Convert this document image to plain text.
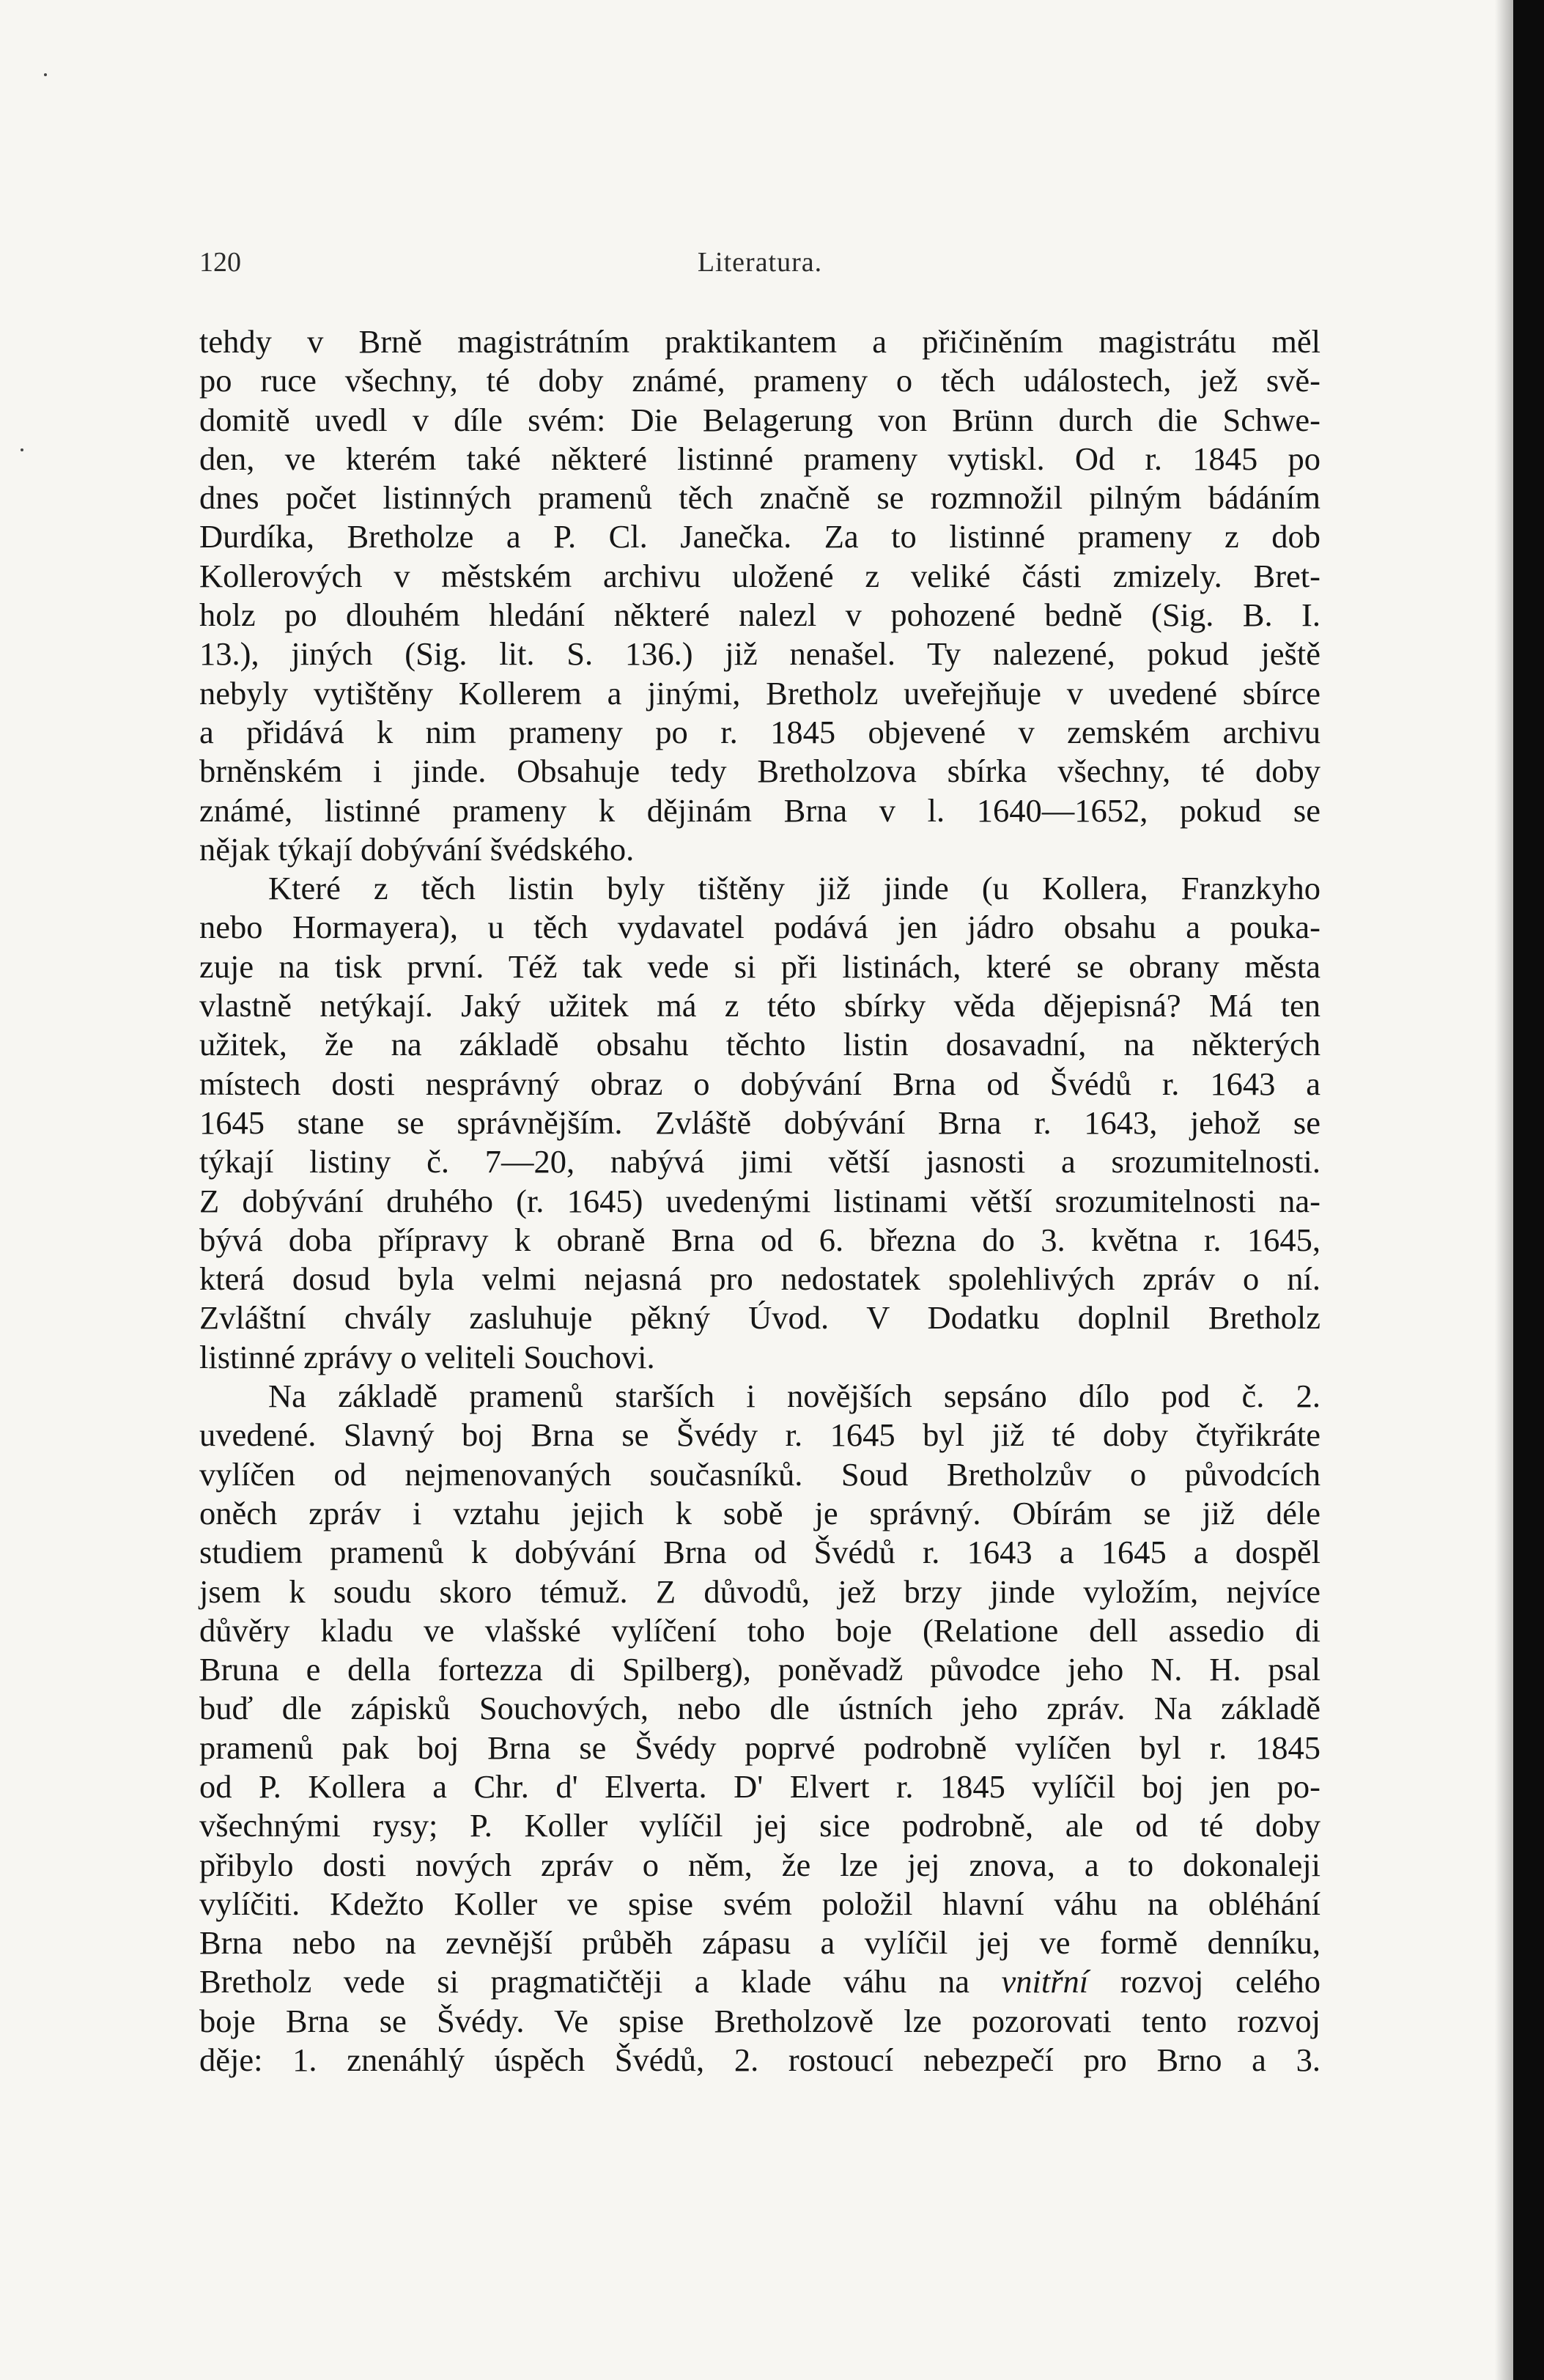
120	Literatura.
tehdy v Brně magistrátním praktikantem a přičiněním magistrátu měl
po ruce všechny, té doby známé, prameny o těch událostech, jež svě-
domitě uvedl v díle svém: Die Belagerung von Brünn durch die Schwe-
den, ve kterém také některé listinné prameny vytiskl. Od r. 1845 po
dnes počet listinných pramenů těch značně se rozmnožil pilným bádáním
Durdíka, Bretholze a P. Cl. Janečka. Za to listinné prameny z dob
Kollerových v městském archivu uložené z veliké části zmizely. Bret-
holz po dlouhém hledání některé nalezl v pohozené bedně (Sig. B. I.
13.), jiných (Sig. lit. S. 136.) již nenašel. Ty nalezené, pokud ještě
nebyly vytištěny Kollerem a jinými, Bretholz uveřejňuje v uvedené sbírce
a přidává k nim prameny po r. 1845 objevené v zemském archivu
brněnském i jinde. Obsahuje tedy Bretholzova sbírka všechny, té doby
známé, listinné prameny k dějinám Brna v l. 1640—1652, pokud se
nějak týkají dobývání švédského.
Které z těch listin byly tištěny již jinde (u Kollera, Franzkyho
nebo Hormayera), u těch vydavatel podává jen jádro obsahu a pouka-
zuje na tisk první. Též tak vede si při listinách, které se obrany města
vlastně netýkají. Jaký užitek má z této sbírky věda dějepisná? Má ten
užitek, že na základě obsahu těchto listin dosavadní, na některých
místech dosti nesprávný obraz o dobývání Brna od Švédů r. 1643 a
1645 stane se správnějším. Zvláště dobývání Brna r. 1643, jehož se
týkají listiny č. 7—20, nabývá jimi větší jasnosti a srozumitelnosti.
Z dobývání druhého (r. 1645) uvedenými listinami větší srozumitelnosti na-
bývá doba přípravy k obraně Brna od 6. března do 3. května r. 1645,
která dosud byla velmi nejasná pro nedostatek spolehlivých zpráv o ní.
Zvláštní chvály zasluhuje pěkný Úvod. V Dodatku doplnil Bretholz
listinné zprávy o veliteli Souchovi.
Na základě pramenů starších i novějších sepsáno dílo pod č. 2.
uvedené. Slavný boj Brna se Švédy r. 1645 byl již té doby čtyřikráte
vylíčen od nejmenovaných současníků. Soud Bretholzův o původcích
oněch zpráv i vztahu jejich k sobě je správný. Obírám se již déle
studiem pramenů k dobývání Brna od Švédů r. 1643 a 1645 a dospěl
jsem k soudu skoro témuž. Z důvodů, jež brzy jinde vyložím, nejvíce
důvěry kladu ve vlašské vylíčení toho boje (Relatione dell assedio di
Bruna e della fortezza di Spilberg), poněvadž původce jeho N. H. psal
buď dle zápisků Souchových, nebo dle ústních jeho zpráv. Na základě
pramenů pak boj Brna se Švédy poprvé podrobně vylíčen byl r. 1845
od P. Kollera a Chr. d' Elverta. D' Elvert r. 1845 vylíčil boj jen po-
všechnými rysy; P. Koller vylíčil jej sice podrobně, ale od té doby
přibylo dosti nových zpráv o něm, že lze jej znova, a to dokonaleji
vylíčiti. Kdežto Koller ve spise svém položil hlavní váhu na obléhání
Brna nebo na zevnější průběh zápasu a vylíčil jej ve formě denníku,
Bretholz vede si pragmatičtěji a klade váhu na vnitřní rozvoj celého
boje Brna se Švédy. Ve spise Bretholzově lze pozorovati tento rozvoj
děje: 1. znenáhlý úspěch Švédů, 2. rostoucí nebezpečí pro Brno a 3.
